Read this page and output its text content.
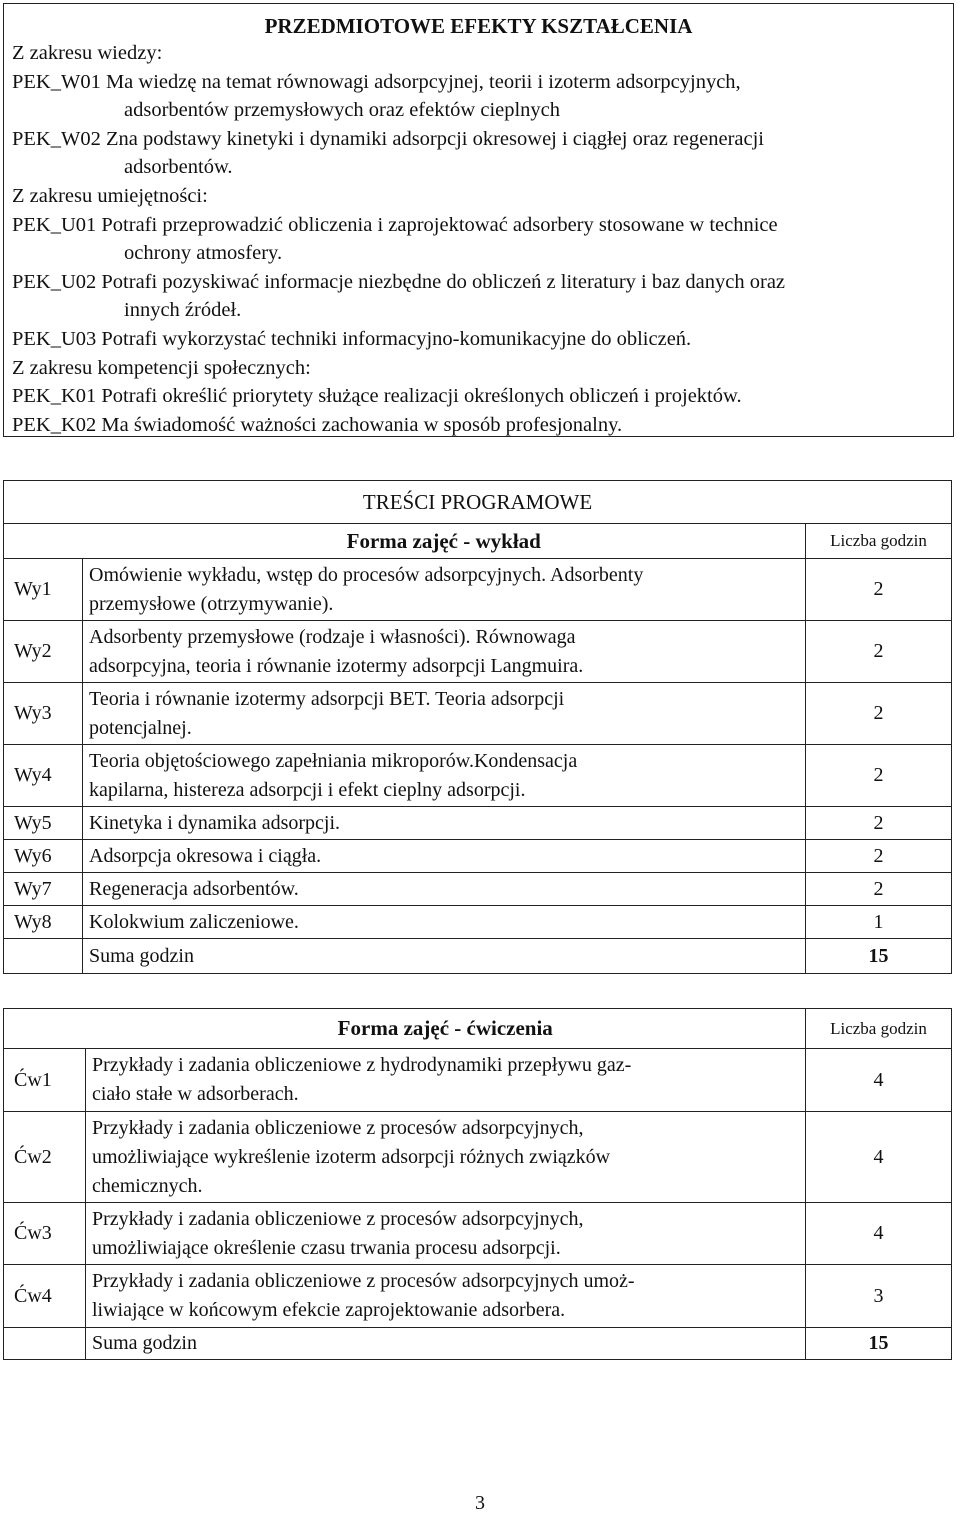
PRZEDMIOTOWE EFEKTY KSZTAŁCENIA
Z zakresu wiedzy:
PEK_W01 Ma wiedzę na temat równowagi adsorpcyjnej, teorii i izoterm adsorpcyjnych,
adsorbentów przemysłowych oraz efektów cieplnych
PEK_W02 Zna podstawy kinetyki i dynamiki adsorpcji okresowej i ciągłej oraz regeneracji
adsorbentów.
Z zakresu umiejętności:
PEK_U01 Potrafi przeprowadzić obliczenia i zaprojektować adsorbery stosowane w technice
ochrony atmosfery.
PEK_U02 Potrafi pozyskiwać informacje niezbędne do obliczeń z literatury i baz danych oraz
innych źródeł.
PEK_U03 Potrafi wykorzystać techniki informacyjno-komunikacyjne do obliczeń.
Z zakresu kompetencji społecznych:
PEK_K01 Potrafi określić priorytety służące realizacji określonych obliczeń i projektów.
PEK_K02 Ma świadomość ważności zachowania w sposób profesjonalny.
TREŚCI PROGRAMOWE		
	Forma zajęć - wykład	Liczba godzin
Wy1	Omówienie wykładu, wstęp do procesów adsorpcyjnych. Adsorbenty
przemysłowe (otrzymywanie).	2
Wy2	Adsorbenty przemysłowe (rodzaje i własności). Równowaga
adsorpcyjna, teoria i równanie izotermy adsorpcji Langmuira.	2
Wy3	Teoria i równanie izotermy adsorpcji BET. Teoria adsorpcji
potencjalnej.	2
Wy4	Teoria objętościowego zapełniania mikroporów.Kondensacja
kapilarna, histereza adsorpcji i efekt cieplny adsorpcji.	2
Wy5	Kinetyka i dynamika adsorpcji.	2
Wy6	Adsorpcja okresowa i ciągła.	2
Wy7	Regeneracja adsorbentów.	2
Wy8	Kolokwium zaliczeniowe.	1
	Suma godzin	15
	Forma zajęć - ćwiczenia	Liczba godzin
Ćw1	Przykłady i zadania obliczeniowe z hydrodynamiki przepływu gaz-
ciało stałe w adsorberach.	4
Ćw2	Przykłady i zadania obliczeniowe z procesów adsorpcyjnych,
umożliwiające wykreślenie izoterm adsorpcji różnych związków
chemicznych.	4
Ćw3	Przykłady i zadania obliczeniowe z procesów adsorpcyjnych,
umożliwiające określenie czasu trwania procesu adsorpcji.	4
Ćw4	Przykłady i zadania obliczeniowe z procesów adsorpcyjnych umoż-
liwiające w końcowym efekcie zaprojektowanie adsorbera.	3
	Suma godzin	15
3
